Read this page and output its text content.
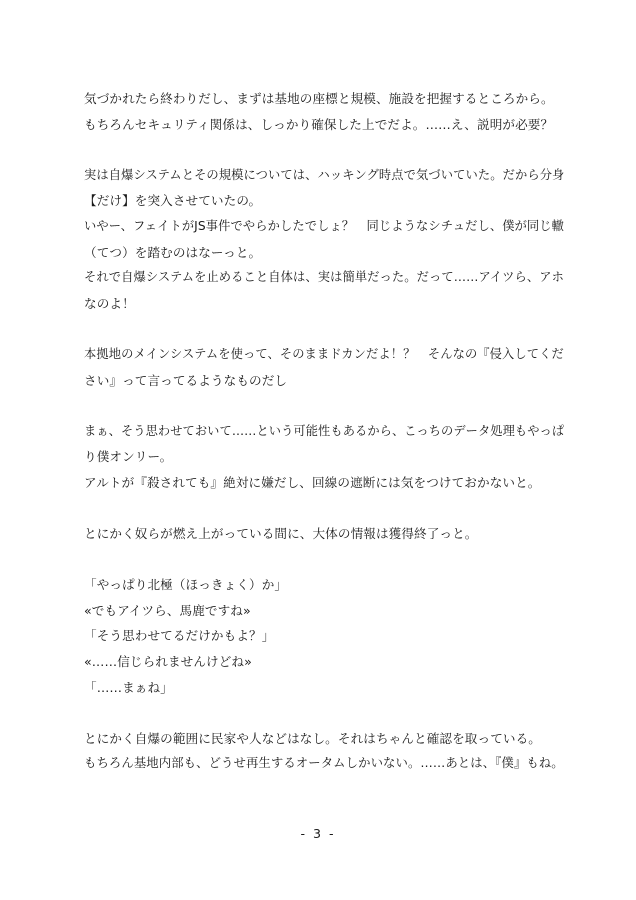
気づかれたら終わりだし、まずは基地の座標と規模、施設を把握するところから。
もちろんセキュリティ関係は、しっかり確保した上でだよ。……え、説明が必要？
実は自爆システムとその規模については、ハッキング時点で気づいていた。だから分身
【だけ】を突入させていたの。
いやー、フェイトがJS事件でやらかしたでしょ？　同じようなシチュだし、僕が同じ轍
（てつ）を踏むのはなーっと。
それで自爆システムを止めること自体は、実は簡単だった。だって……アイツら、アホ
なのよ！
本拠地のメインシステムを使って、そのままドカンだよ！？　そんなの『侵入してくだ
さい』って言ってるようなものだし
まぁ、そう思わせておいて……という可能性もあるから、こっちのデータ処理もやっぱ
り僕オンリー。
アルトが『殺されても』絶対に嫌だし、回線の遮断には気をつけておかないと。
とにかく奴らが燃え上がっている間に、大体の情報は獲得終了っと。
「やっぱり北極（ほっきょく）か」
«でもアイツら、馬鹿ですね»
「そう思わせてるだけかもよ？」
«……信じられませんけどね»
「……まぁね」
とにかく自爆の範囲に民家や人などはなし。それはちゃんと確認を取っている。
もちろん基地内部も、どうせ再生するオータムしかいない。……あとは、『僕』もね。
- 3 -
